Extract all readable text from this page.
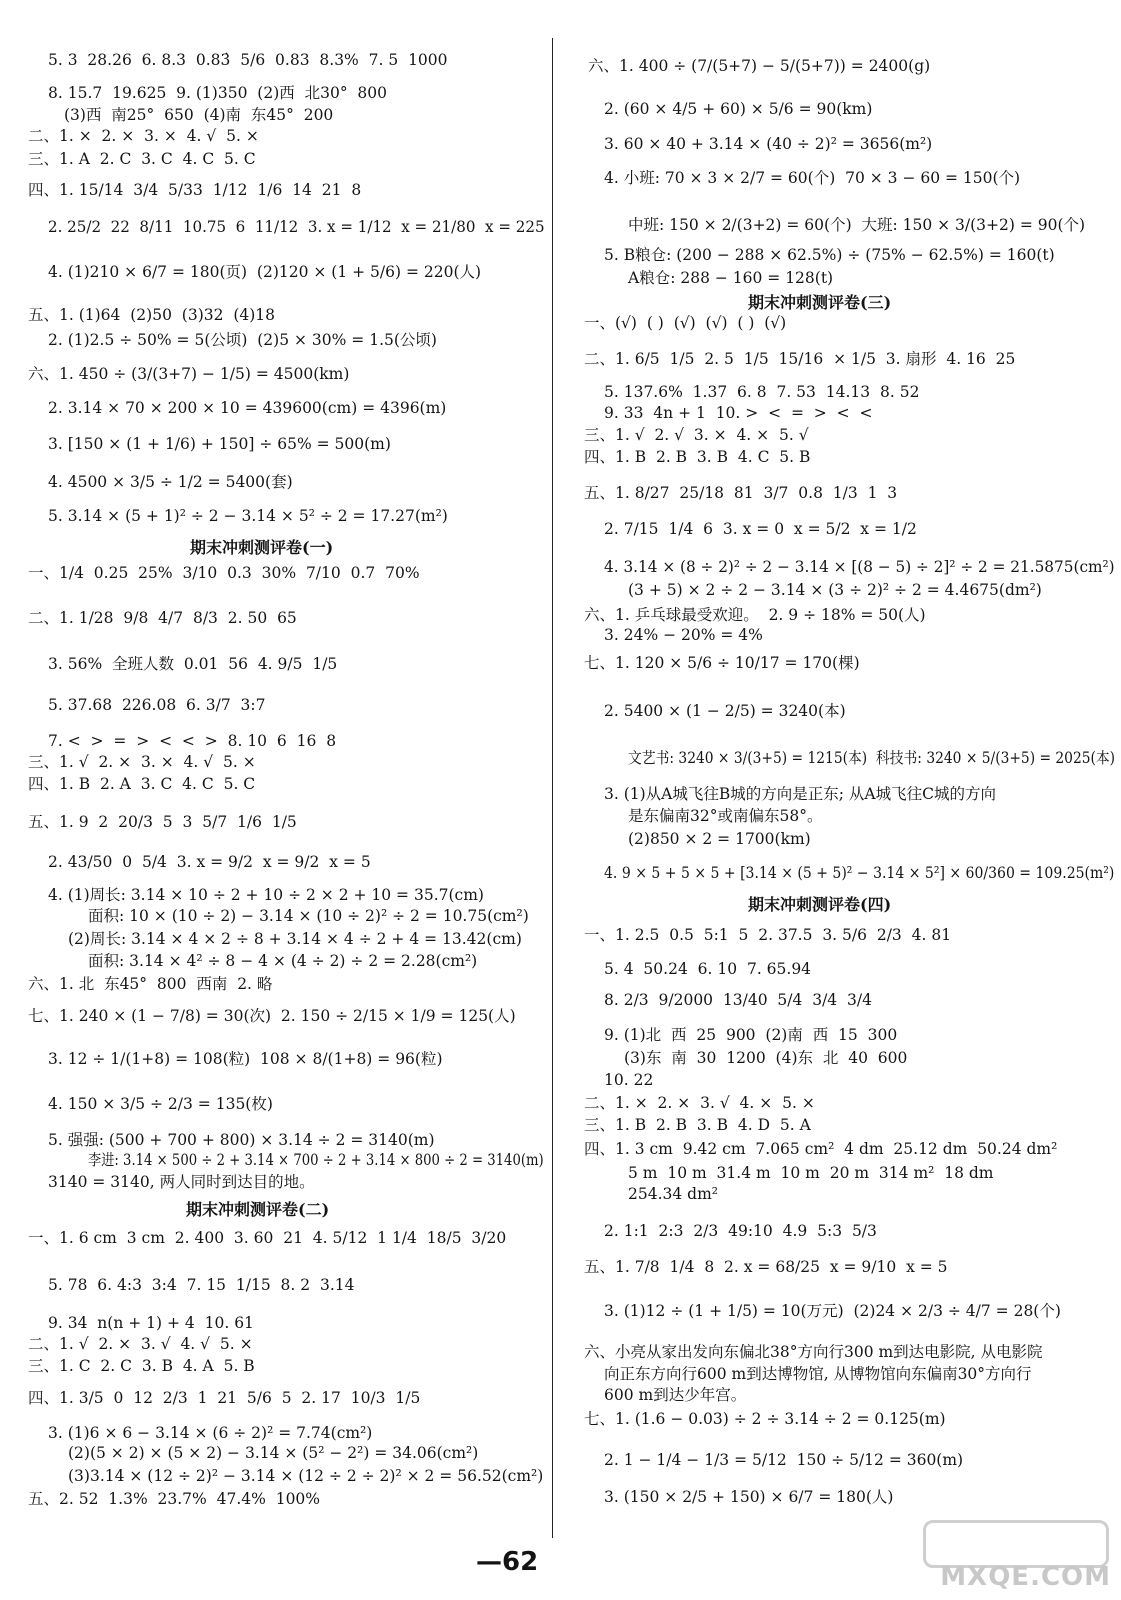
5. 3  28.26  6. 8.3  0.83̇  5/6  0.83  8.3%  7. 5  1000
8. 15.7  19.625  9. (1)350  (2)西  北30°  800
(3)西  南25°  650  (4)南  东45°  200
二、1. ×  2. ×  3. ×  4. √  5. ×
三、1. A  2. C  3. C  4. C  5. C
四、1. 15/14  3/4  5/33  1/12  1/6  14  21  8
2. 25/2  22  8/11  10.75  6  11/12  3. x = 1/12  x = 21/80  x = 225
4. (1)210 × 6/7 = 180(页)  (2)120 × (1 + 5/6) = 220(人)
五、1. (1)64  (2)50  (3)32  (4)18
2. (1)2.5 ÷ 50% = 5(公顷)  (2)5 × 30% = 1.5(公顷)
六、1. 450 ÷ (3/(3+7) − 1/5) = 4500(km)
2. 3.14 × 70 × 200 × 10 = 439600(cm) = 4396(m)
3. [150 × (1 + 1/6) + 150] ÷ 65% = 500(m)
4. 4500 × 3/5 ÷ 1/2 = 5400(套)
5. 3.14 × (5 + 1)² ÷ 2 − 3.14 × 5² ÷ 2 = 17.27(m²)
期末冲刺测评卷(一)
一、1/4  0.25  25%  3/10  0.3  30%  7/10  0.7  70%
二、1. 1/28  9/8  4/7  8/3  2. 50  65
3. 56%  全班人数  0.01  56  4. 9/5  1/5
5. 37.68  226.08  6. 3/7  3:7
7. <  >  =  >  <  <  >  8. 10  6  16  8
三、1. √  2. ×  3. ×  4. √  5. ×
四、1. B  2. A  3. C  4. C  5. C
五、1. 9  2  20/3  5  3  5/7  1/6  1/5
2. 43/50  0  5/4  3. x = 9/2  x = 9/2  x = 5
4. (1)周长: 3.14 × 10 ÷ 2 + 10 ÷ 2 × 2 + 10 = 35.7(cm)
面积: 10 × (10 ÷ 2) − 3.14 × (10 ÷ 2)² ÷ 2 = 10.75(cm²)
(2)周长: 3.14 × 4 × 2 ÷ 8 + 3.14 × 4 ÷ 2 + 4 = 13.42(cm)
面积: 3.14 × 4² ÷ 8 − 4 × (4 ÷ 2) ÷ 2 = 2.28(cm²)
六、1. 北  东45°  800  西南  2. 略
七、1. 240 × (1 − 7/8) = 30(次)  2. 150 ÷ 2/15 × 1/9 = 125(人)
3. 12 ÷ 1/(1+8) = 108(粒)  108 × 8/(1+8) = 96(粒)
4. 150 × 3/5 ÷ 2/3 = 135(枚)
5. 强强: (500 + 700 + 800) × 3.14 ÷ 2 = 3140(m)
李进: 3.14 × 500 ÷ 2 + 3.14 × 700 ÷ 2 + 3.14 × 800 ÷ 2 = 3140(m)
3140 = 3140, 两人同时到达目的地。
期末冲刺测评卷(二)
一、1. 6 cm  3 cm  2. 400  3. 60  21  4. 5/12  1 1/4  18/5  3/20
5. 78  6. 4:3  3:4  7. 15  1/15  8. 2  3.14
9. 34  n(n + 1) + 4  10. 61
二、1. √  2. ×  3. √  4. √  5. ×
三、1. C  2. C  3. B  4. A  5. B
四、1. 3/5  0  12  2/3  1  21  5/6  5  2. 17  10/3  1/5
3. (1)6 × 6 − 3.14 × (6 ÷ 2)² = 7.74(cm²)
(2)(5 × 2) × (5 × 2) − 3.14 × (5² − 2²) = 34.06(cm²)
(3)3.14 × (12 ÷ 2)² − 3.14 × (12 ÷ 2 ÷ 2)² × 2 = 56.52(cm²)
五、2. 52  1.3%  23.7%  47.4%  100%
六、1. 400 ÷ (7/(5+7) − 5/(5+7)) = 2400(g)
2. (60 × 4/5 + 60) × 5/6 = 90(km)
3. 60 × 40 + 3.14 × (40 ÷ 2)² = 3656(m²)
4. 小班: 70 × 3 × 2/7 = 60(个)  70 × 3 − 60 = 150(个)
中班: 150 × 2/(3+2) = 60(个)  大班: 150 × 3/(3+2) = 90(个)
5. B粮仓: (200 − 288 × 62.5%) ÷ (75% − 62.5%) = 160(t)
A粮仓: 288 − 160 = 128(t)
期末冲刺测评卷(三)
一、(√)  ( )  (√)  (√)  ( )  (√)
二、1. 6/5  1/5  2. 5  1/5  15/16  × 1/5  3. 扇形  4. 16  25
5. 137.6%  1.37  6. 8  7. 53  14.13  8. 52
9. 33  4n + 1  10. >  <  =  >  <  <
三、1. √  2. √  3. ×  4. ×  5. √
四、1. B  2. B  3. B  4. C  5. B
五、1. 8/27  25/18  81  3/7  0.8  1/3  1  3
2. 7/15  1/4  6  3. x = 0  x = 5/2  x = 1/2
4. 3.14 × (8 ÷ 2)² ÷ 2 − 3.14 × [(8 − 5) ÷ 2]² ÷ 2 = 21.5875(cm²)
(3 + 5) × 2 ÷ 2 − 3.14 × (3 ÷ 2)² ÷ 2 = 4.4675(dm²)
六、1. 乒乓球最受欢迎。  2. 9 ÷ 18% = 50(人)
3. 24% − 20% = 4%
七、1. 120 × 5/6 ÷ 10/17 = 170(棵)
2. 5400 × (1 − 2/5) = 3240(本)
文艺书: 3240 × 3/(3+5) = 1215(本)  科技书: 3240 × 5/(3+5) = 2025(本)
3. (1)从A城飞往B城的方向是正东; 从A城飞往C城的方向
是东偏南32°或南偏东58°。
(2)850 × 2 = 1700(km)
4. 9 × 5 + 5 × 5 + [3.14 × (5 + 5)² − 3.14 × 5²] × 60/360 = 109.25(m²)
期末冲刺测评卷(四)
一、1. 2.5  0.5  5:1  5  2. 37.5  3. 5/6  2/3  4. 81
5. 4  50.24  6. 10  7. 65.94
8. 2/3  9/2000  13/40  5/4  3/4  3/4
9. (1)北  西  25  900  (2)南  西  15  300
(3)东  南  30  1200  (4)东  北  40  600
10. 22
二、1. ×  2. ×  3. √  4. ×  5. ×
三、1. B  2. B  3. B  4. D  5. A
四、1. 3 cm  9.42 cm  7.065 cm²  4 dm  25.12 dm  50.24 dm²
5 m  10 m  31.4 m  10 m  20 m  314 m²  18 dm
254.34 dm²
2. 1:1  2:3  2/3  49:10  4.9  5:3  5/3
五、1. 7/8  1/4  8  2. x = 68/25  x = 9/10  x = 5
3. (1)12 ÷ (1 + 1/5) = 10(万元)  (2)24 × 2/3 ÷ 4/7 = 28(个)
六、小亮从家出发向东偏北38°方向行300 m到达电影院, 从电影院
向正东方向行600 m到达博物馆, 从博物馆向东偏南30°方向行
600 m到达少年宫。
七、1. (1.6 − 0.03) ÷ 2 ÷ 3.14 ÷ 2 = 0.125(m)
2. 1 − 1/4 − 1/3 = 5/12  150 ÷ 5/12 = 360(m)
3. (150 × 2/5 + 150) × 6/7 = 180(人)
—62	MXQE.COM
